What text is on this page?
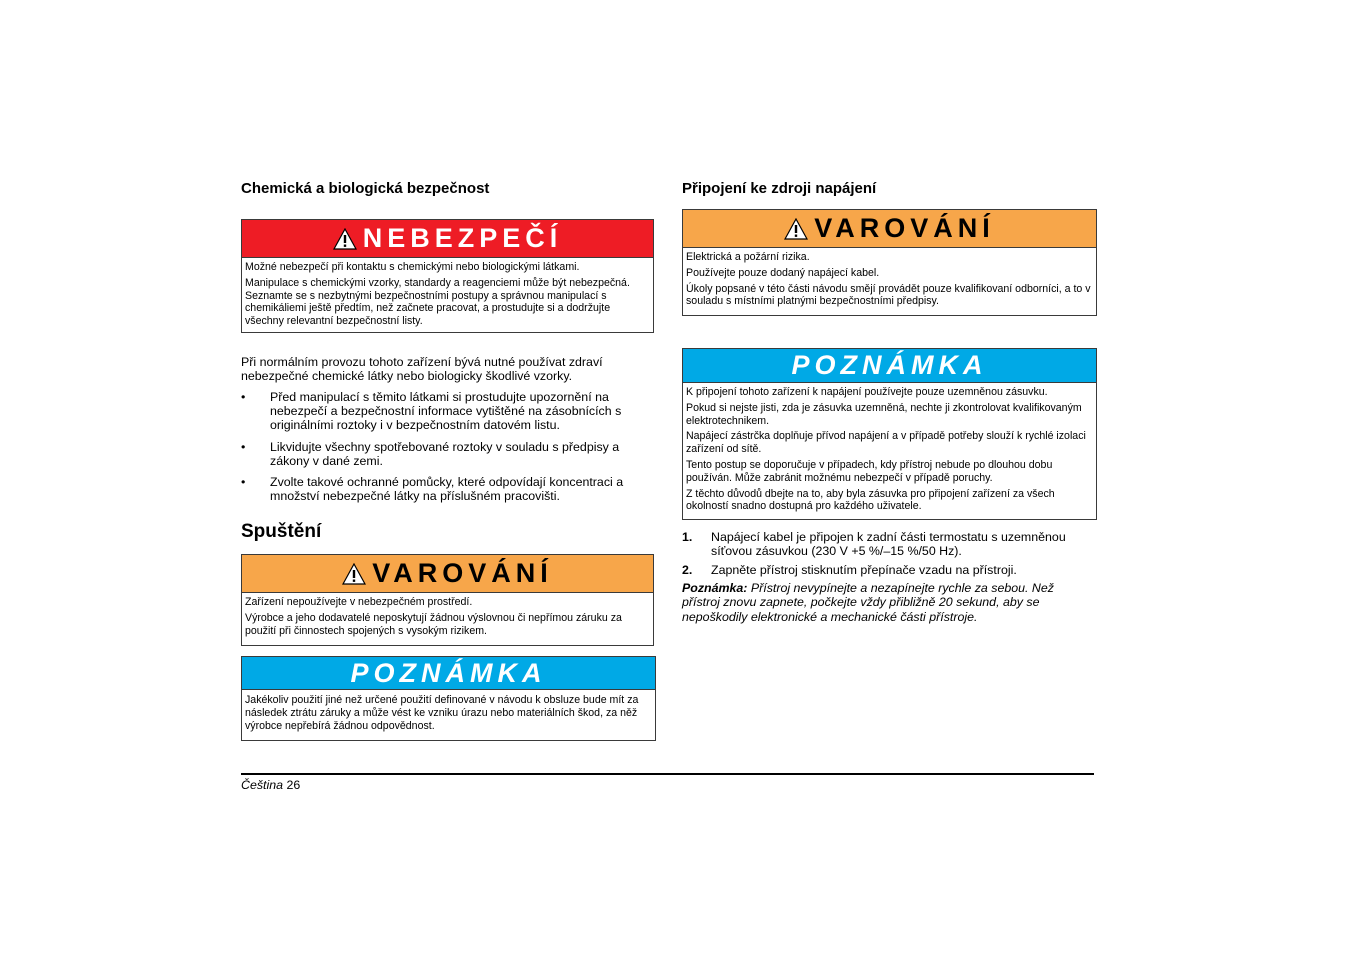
Chemická a biologická bezpečnost
NEBEZPEČÍ

Možné nebezpečí při kontaktu s chemickými nebo biologickými látkami.

Manipulace s chemickými vzorky, standardy a reagenciemi může být nebezpečná.

Seznamte se s nezbytnými bezpečnostními postupy a správnou manipulací s chemikáliemi ještě předtím, než začnete pracovat, a prostudujte si a dodržujte všechny relevantní bezpečnostní listy.

Při normálním provozu tohoto zařízení bývá nutné používat zdraví nebezpečné chemické látky nebo biologicky škodlivé vzorky.

• Před manipulací s těmito látkami si prostudujte upozornění na nebezpečí a bezpečnostní informace vytištěné na zásobnících s originálními roztoky i v bezpečnostním datovém listu.
• Likvidujte všechny spotřebované roztoky v souladu s předpisy a zákony v dané zemi.
• Zvolte takové ochranné pomůcky, které odpovídají koncentraci a množství nebezpečné látky na příslušném pracovišti.
Spuštění
VAROVÁNÍ

Zařízení nepoužívejte v nebezpečném prostředí.

Výrobce a jeho dodavatelé neposkytují žádnou výslovnou či nepřímou záruku za použití při činnostech spojených s vysokým rizikem.

POZNÁMKA

Jakékoliv použití jiné než určené použití definované v návodu k obsluze bude mít za následek ztrátu záruky a může vést ke vzniku úrazu nebo materiálních škod, za něž výrobce nepřebírá žádnou odpovědnost.

Připojení ke zdroji napájení
VAROVÁNÍ

Elektrická a požární rizika.

Používejte pouze dodaný napájecí kabel.

Úkoly popsané v této části návodu smějí provádět pouze kvalifikovaní odborníci, a to v souladu s místními platnými bezpečnostními předpisy.

POZNÁMKA

K připojení tohoto zařízení k napájení používejte pouze uzemněnou zásuvku.

Pokud si nejste jisti, zda je zásuvka uzemněná, nechte ji zkontrolovat kvalifikovaným elektrotechnikem.

Napájecí zástrčka doplňuje přívod napájení a v případě potřeby slouží k rychlé izolaci zařízení od sítě.

Tento postup se doporučuje v případech, kdy přístroj nebude po dlouhou dobu používán. Může zabránit možnému nebezpečí v případě poruchy.

Z těchto důvodů dbejte na to, aby byla zásuvka pro připojení zařízení za všech okolností snadno dostupná pro každého uživatele.

1. Napájecí kabel je připojen k zadní části termostatu s uzemněnou síťovou zásuvkou (230 V +5 %/–15 %/50 Hz).
2. Zapněte přístroj stisknutím přepínače vzadu na přístroji.

Poznámka: Přístroj nevypínejte a nezapínejte rychle za sebou. Než přístroj znovu zapnete, počkejte vždy přibližně 20 sekund, aby se nepoškodily elektronické a mechanické části přístroje.

Čeština 26
